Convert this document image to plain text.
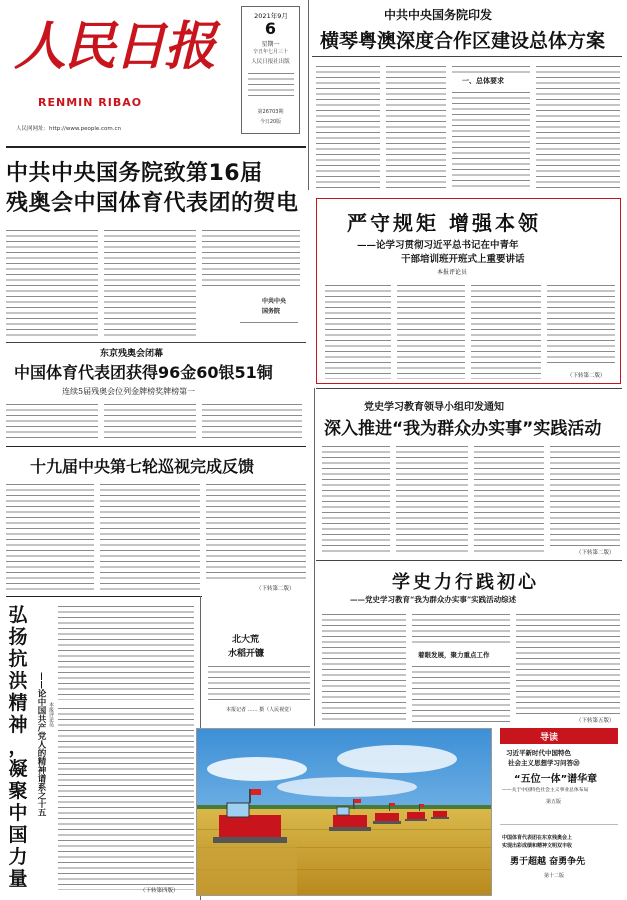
人民日报
RENMIN RIBAO
人民网网址：http://www.people.com.cn
2021年9月
6
星期一
辛丑年七月三十
人民日报社出版
第26703期
今日20版
中共中央国务院印发
横琴粤澳深度合作区建设总体方案
一、总体要求
中共中央国务院致第16届
残奥会中国体育代表团的贺电
中共中央
国务院
严守规矩 增强本领
——论学习贯彻习近平总书记在中青年
干部培训班开班式上重要讲话
本报评论员
（下转第二版）
东京残奥会闭幕
中国体育代表团获得96金60银51铜
连续5届残奥会位列金牌榜奖牌榜第一
十九届中央第七轮巡视完成反馈
（下转第二版）
党史学习教育领导小组印发通知
深入推进“我为群众办实事”实践活动
（下转第二版）
学史力行践初心
——党史学习教育“我为群众办实事”实践活动综述
着眼发展，聚力重点工作
（下转第五版）
弘
扬
抗
洪
精
神
，
凝
聚
中
国
力
量
——论中国共产党人的精神谱系之十五 本报评论员
（下转第四版）
北大荒
水稻开镰
本报记者 …… 摄（人民视觉）
导读
习近平新时代中国特色
社会主义思想学习问答⑳
“五位一体”谱华章
——关于中国特色社会主义事业总体布局
第五版
中国体育代表团在东京残奥会上
实现出彩成绩和精神文明双丰收
勇于超越 奋勇争先
第十二版
